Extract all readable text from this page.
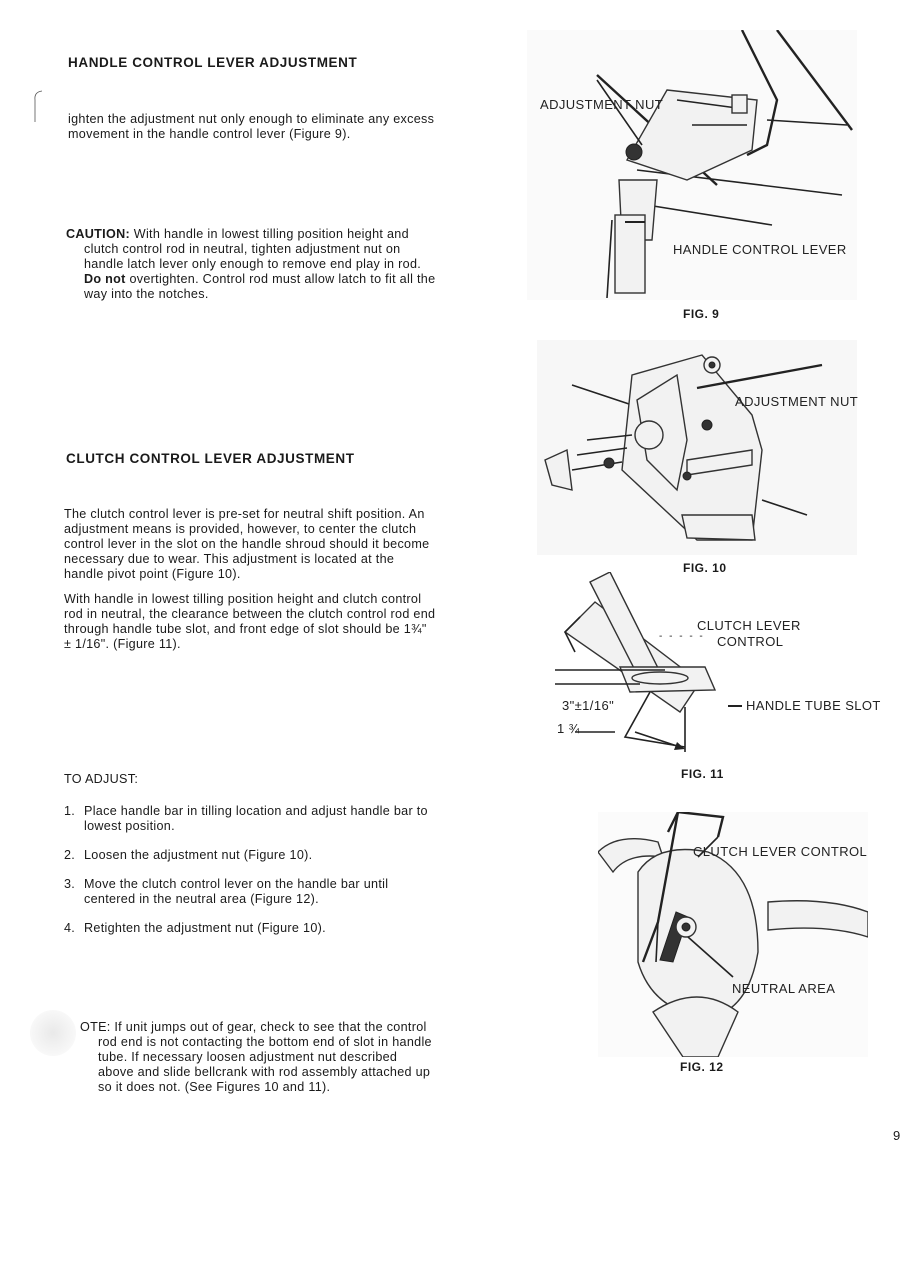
HANDLE CONTROL LEVER ADJUSTMENT

ighten the adjustment nut only enough to eliminate any excess movement in the handle control lever (Figure 9).

CAUTION: With handle in lowest tilling position height and clutch control rod in neutral, tighten adjustment nut on handle latch lever only enough to remove end play in rod. Do not overtighten. Control rod must allow latch to fit all the way into the notches.

CLUTCH CONTROL LEVER ADJUSTMENT

The clutch control lever is pre-set for neutral shift position. An adjustment means is provided, however, to center the clutch control lever in the slot on the handle shroud should it become necessary due to wear. This adjustment is located at the handle pivot point (Figure 10).

With handle in lowest tilling position height and clutch control rod in neutral, the clearance between the clutch control rod end through handle tube slot, and front edge of slot should be 1¾" ± 1/16". (Figure 11).

TO ADJUST:
1. Place handle bar in tilling location and adjust handle bar to lowest position.
2. Loosen the adjustment nut (Figure 10).
3. Move the clutch control lever on the handle bar until centered in the neutral area (Figure 12).
4. Retighten the adjustment nut (Figure 10).

OTE: If unit jumps out of gear, check to see that the control rod end is not contacting the bottom end of slot in handle tube. If necessary loosen adjustment nut described above and slide bellcrank with rod assembly attached up so it does not. (See Figures 10 and 11).

ADJUSTMENT NUT
HANDLE CONTROL LEVER
FIG. 9
ADJUSTMENT NUT
FIG. 10
CLUTCH LEVER
CONTROL
- - - - -
3"±1/16"
1 ¾
HANDLE TUBE SLOT
FIG. 11
CLUTCH LEVER CONTROL
NEUTRAL AREA
FIG. 12
9
